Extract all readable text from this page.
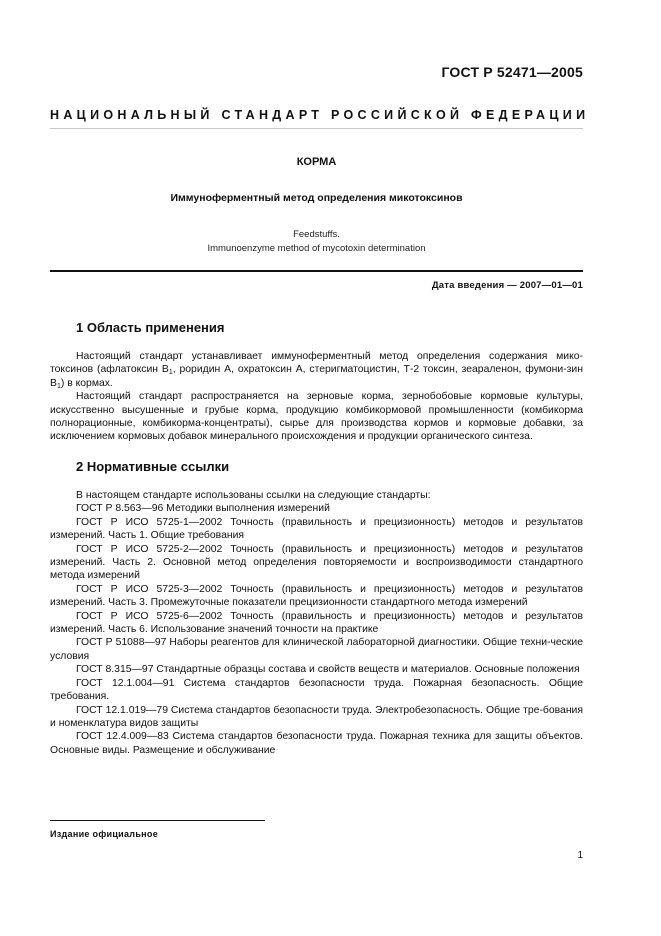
ГОСТ Р 52471—2005
НАЦИОНАЛЬНЫЙ СТАНДАРТ РОССИЙСКОЙ ФЕДЕРАЦИИ
КОРМА
Иммуноферментный метод определения микотоксинов
Feedstuffs.
Immunoenzyme method of mycotoxin determination
Дата введения — 2007—01—01
1 Область применения

Настоящий стандарт устанавливает иммуноферментный метод определения содержания мико-токсинов (афлатоксин $В_1$, роридин А, охратоксин А, стеригматоцистин, Т-2 токсин, зеараленон, фумони-зин $В_1$) в кормах.

Настоящий стандарт распространяется на зерновые корма, зернобобовые кормовые культуры, искусственно высушенные и грубые корма, продукцию комбикормовой промышленности (комбикорма полнорационные, комбикорма-концентраты), сырье для производства кормов и кормовые добавки, за исключением кормовых добавок минерального происхождения и продукции органического синтеза.

2 Нормативные ссылки

В настоящем стандарте использованы ссылки на следующие стандарты:

ГОСТ Р 8.563—96 Методики выполнения измерений

ГОСТ Р ИСО 5725-1—2002 Точность (правильность и прецизионность) методов и результатов измерений. Часть 1. Общие требования

ГОСТ Р ИСО 5725-2—2002 Точность (правильность и прецизионность) методов и результатов измерений. Часть 2. Основной метод определения повторяемости и воспроизводимости стандартного метода измерений

ГОСТ Р ИСО 5725-3—2002 Точность (правильность и прецизионность) методов и результатов измерений. Часть 3. Промежуточные показатели прецизионности стандартного метода измерений

ГОСТ Р ИСО 5725-6—2002 Точность (правильность и прецизионность) методов и результатов измерений. Часть 6. Использование значений точности на практике

ГОСТ Р 51088—97 Наборы реагентов для клинической лабораторной диагностики. Общие техни-ческие условия

ГОСТ 8.315—97 Стандартные образцы состава и свойств веществ и материалов. Основные положения

ГОСТ 12.1.004—91 Система стандартов безопасности труда. Пожарная безопасность. Общие требования.

ГОСТ 12.1.019—79 Система стандартов безопасности труда. Электробезопасность. Общие тре-бования и номенклатура видов защиты

ГОСТ 12.4.009—83 Система стандартов безопасности труда. Пожарная техника для защиты объектов. Основные виды. Размещение и обслуживание

Издание официальное
1
